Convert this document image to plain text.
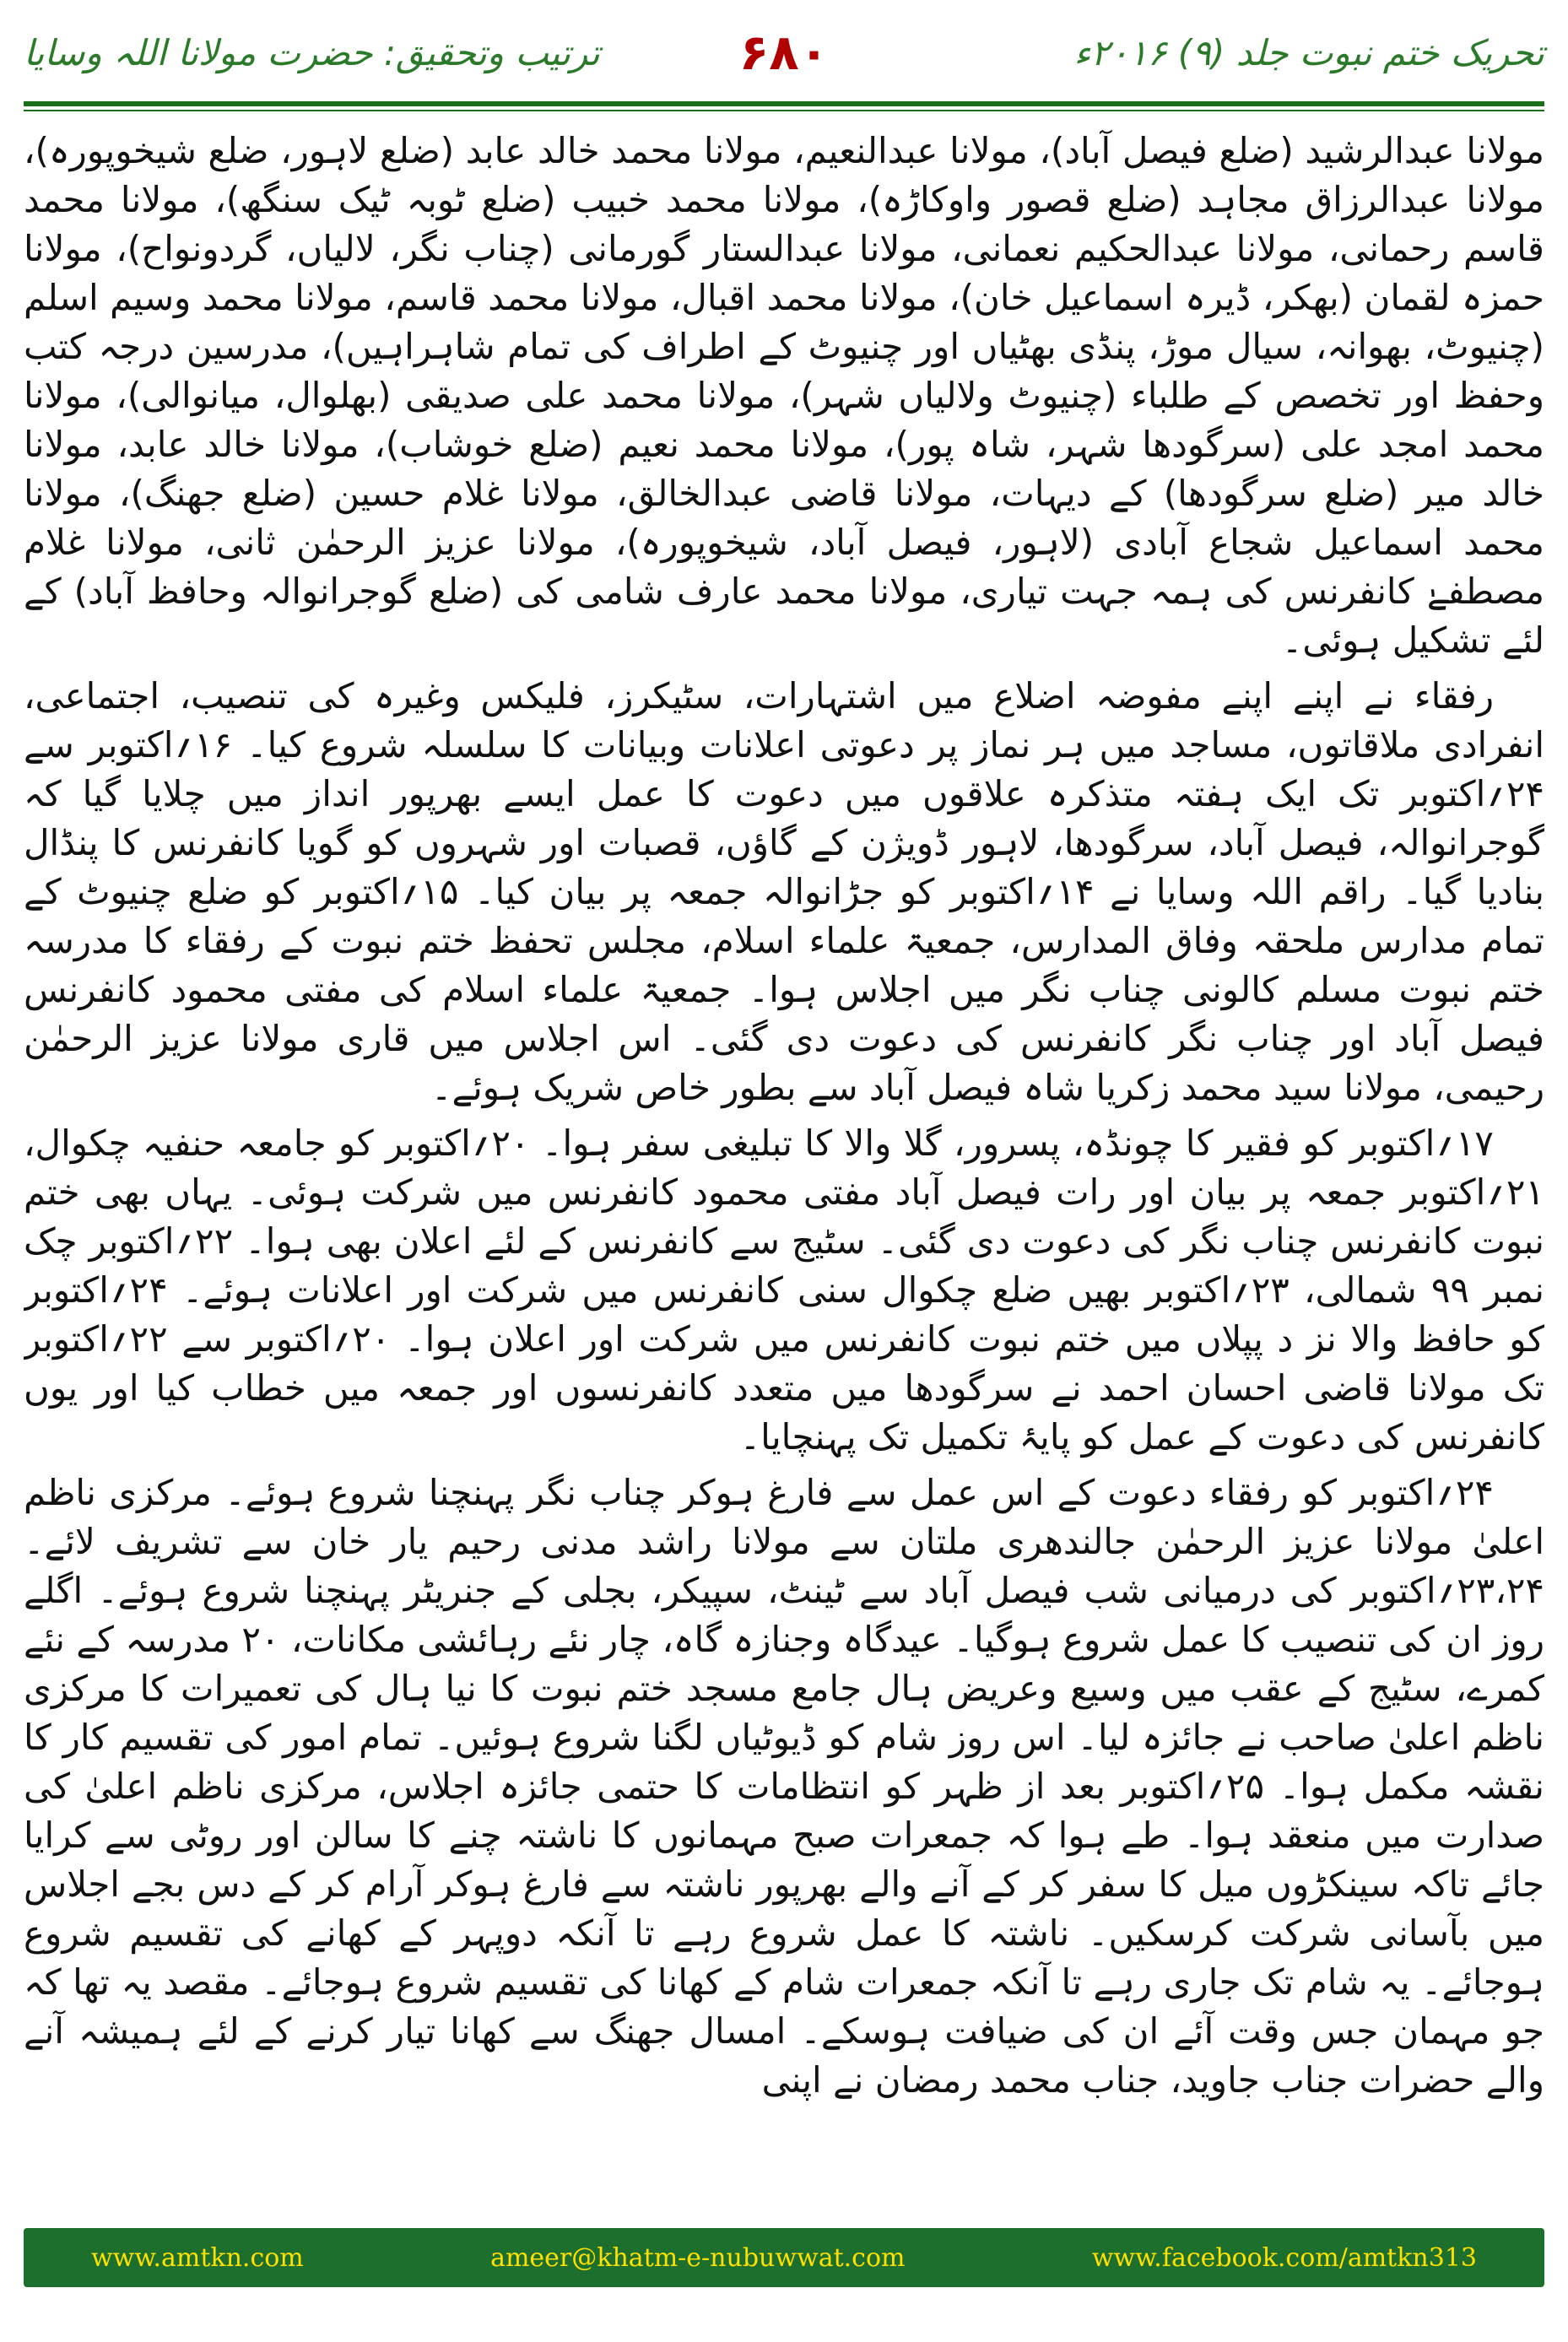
تحریک ختم نبوت جلد (۹) ۲۰۱۶ء
۶۸۰
ترتیب وتحقیق: حضرت مولانا اللہ وسایا

مولانا عبدالرشید (ضلع فیصل آباد)، مولانا عبدالنعیم، مولانا محمد خالد عابد (ضلع لاہور، ضلع شیخوپورہ)، مولانا عبدالرزاق مجاہد (ضلع قصور واوکاڑہ)، مولانا محمد خبیب (ضلع ٹوبہ ٹیک سنگھ)، مولانا محمد قاسم رحمانی، مولانا عبدالحکیم نعمانی، مولانا عبدالستار گورمانی (چناب نگر، لالیاں، گردونواح)، مولانا حمزہ لقمان (بھکر، ڈیرہ اسماعیل خان)، مولانا محمد اقبال، مولانا محمد قاسم، مولانا محمد وسیم اسلم (چنیوٹ، بھوانہ، سیال موڑ، پنڈی بھٹیاں اور چنیوٹ کے اطراف کی تمام شاہراہیں)، مدرسین درجہ کتب وحفظ اور تخصص کے طلباء (چنیوٹ ولالیاں شہر)، مولانا محمد علی صدیقی (بھلوال، میانوالی)، مولانا محمد امجد علی (سرگودھا شہر، شاہ پور)، مولانا محمد نعیم (ضلع خوشاب)، مولانا خالد عابد، مولانا خالد میر (ضلع سرگودھا) کے دیہات، مولانا قاضی عبدالخالق، مولانا غلام حسین (ضلع جھنگ)، مولانا محمد اسماعیل شجاع آبادی (لاہور، فیصل آباد، شیخوپورہ)، مولانا عزیز الرحمٰن ثانی، مولانا غلام مصطفےٰ کانفرنس کی ہمہ جہت تیاری، مولانا محمد عارف شامی کی (ضلع گوجرانوالہ وحافظ آباد) کے لئے تشکیل ہوئی۔

رفقاء نے اپنے اپنے مفوضہ اضلاع میں اشتہارات، سٹیکرز، فلیکس وغیرہ کی تنصیب، اجتماعی، انفرادی ملاقاتوں، مساجد میں ہر نماز پر دعوتی اعلانات وبیانات کا سلسلہ شروع کیا۔ ۱۶؍اکتوبر سے ۲۴؍اکتوبر تک ایک ہفتہ متذکرہ علاقوں میں دعوت کا عمل ایسے بھرپور انداز میں چلایا گیا کہ گوجرانوالہ، فیصل آباد، سرگودھا، لاہور ڈویژن کے گاؤں، قصبات اور شہروں کو گویا کانفرنس کا پنڈال بنادیا گیا۔ راقم اللہ وسایا نے ۱۴؍اکتوبر کو جڑانوالہ جمعہ پر بیان کیا۔ ۱۵؍اکتوبر کو ضلع چنیوٹ کے تمام مدارس ملحقہ وفاق المدارس، جمعیۃ علماء اسلام، مجلس تحفظ ختم نبوت کے رفقاء کا مدرسہ ختم نبوت مسلم کالونی چناب نگر میں اجلاس ہوا۔ جمعیۃ علماء اسلام کی مفتی محمود کانفرنس فیصل آباد اور چناب نگر کانفرنس کی دعوت دی گئی۔ اس اجلاس میں قاری مولانا عزیز الرحمٰن رحیمی، مولانا سید محمد زکریا شاہ فیصل آباد سے بطور خاص شریک ہوئے۔

۱۷؍اکتوبر کو فقیر کا چونڈہ، پسرور، گلا والا کا تبلیغی سفر ہوا۔ ۲۰؍اکتوبر کو جامعہ حنفیہ چکوال، ۲۱؍اکتوبر جمعہ پر بیان اور رات فیصل آباد مفتی محمود کانفرنس میں شرکت ہوئی۔ یہاں بھی ختم نبوت کانفرنس چناب نگر کی دعوت دی گئی۔ سٹیج سے کانفرنس کے لئے اعلان بھی ہوا۔ ۲۲؍اکتوبر چک نمبر ۹۹ شمالی، ۲۳؍اکتوبر بھیں ضلع چکوال سنی کانفرنس میں شرکت اور اعلانات ہوئے۔ ۲۴؍اکتوبر کو حافظ والا نز د پپلاں میں ختم نبوت کانفرنس میں شرکت اور اعلان ہوا۔ ۲۰؍اکتوبر سے ۲۲؍اکتوبر تک مولانا قاضی احسان احمد نے سرگودھا میں متعدد کانفرنسوں اور جمعہ میں خطاب کیا اور یوں کانفرنس کی دعوت کے عمل کو پایۂ تکمیل تک پہنچایا۔

۲۴؍اکتوبر کو رفقاء دعوت کے اس عمل سے فارغ ہوکر چناب نگر پہنچنا شروع ہوئے۔ مرکزی ناظم اعلیٰ مولانا عزیز الرحمٰن جالندھری ملتان سے مولانا راشد مدنی رحیم یار خان سے تشریف لائے۔ ۲۳،۲۴؍اکتوبر کی درمیانی شب فیصل آباد سے ٹینٹ، سپیکر، بجلی کے جنریٹر پہنچنا شروع ہوئے۔ اگلے روز ان کی تنصیب کا عمل شروع ہوگیا۔ عیدگاہ وجنازہ گاہ، چار نئے رہائشی مکانات، ۲۰ مدرسہ کے نئے کمرے، سٹیج کے عقب میں وسیع وعریض ہال جامع مسجد ختم نبوت کا نیا ہال کی تعمیرات کا مرکزی ناظم اعلیٰ صاحب نے جائزہ لیا۔ اس روز شام کو ڈیوٹیاں لگنا شروع ہوئیں۔ تمام امور کی تقسیم کار کا نقشہ مکمل ہوا۔ ۲۵؍اکتوبر بعد از ظہر کو انتظامات کا حتمی جائزہ اجلاس، مرکزی ناظم اعلیٰ کی صدارت میں منعقد ہوا۔ طے ہوا کہ جمعرات صبح مہمانوں کا ناشتہ چنے کا سالن اور روٹی سے کرایا جائے تاکہ سینکڑوں میل کا سفر کر کے آنے والے بھرپور ناشتہ سے فارغ ہوکر آرام کر کے دس بجے اجلاس میں بآسانی شرکت کرسکیں۔ ناشتہ کا عمل شروع رہے تا آنکہ دوپہر کے کھانے کی تقسیم شروع ہوجائے۔ یہ شام تک جاری رہے تا آنکہ جمعرات شام کے کھانا کی تقسیم شروع ہوجائے۔ مقصد یہ تھا کہ جو مہمان جس وقت آئے ان کی ضیافت ہوسکے۔ امسال جھنگ سے کھانا تیار کرنے کے لئے ہمیشہ آنے والے حضرات جناب جاوید، جناب محمد رمضان نے اپنی

www.amtkn.com	ameer@khatm-e-nubuwwat.com	www.facebook.com/amtkn313
